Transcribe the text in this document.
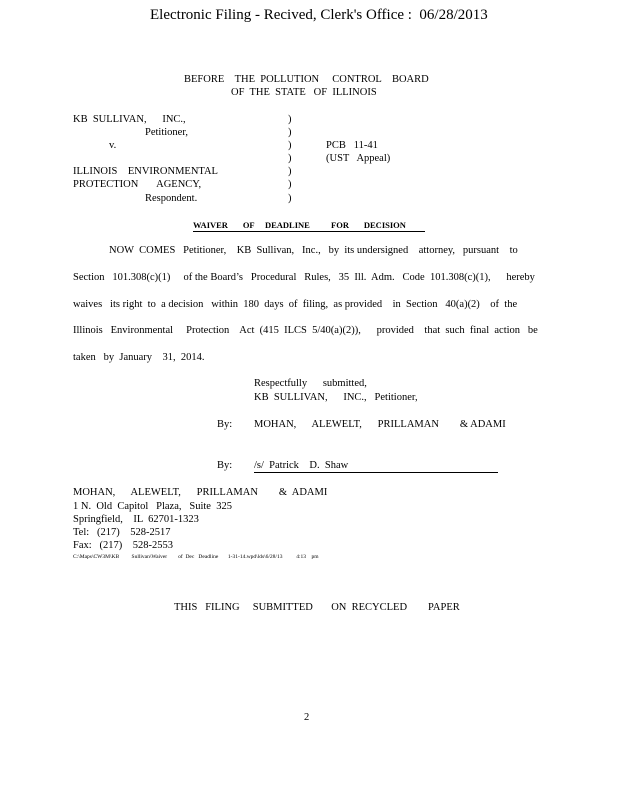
Electronic Filing - Recived, Clerk's Office :  06/28/2013
BEFORE    THE  POLLUTION     CONTROL    BOARD
OF  THE  STATE   OF  ILLINOIS
KB  SULLIVAN,      INC.,
Petitioner,
v.
ILLINOIS    ENVIRONMENTAL
PROTECTION       AGENCY,
Respondent.
)
)
)
)
)
)
)
PCB   11-41
(UST   Appeal)
WAIVER       OF     DEADLINE          FOR       DECISION
NOW  COMES   Petitioner,    KB  Sullivan,   Inc.,   by  its undersigned    attorney,   pursuant    to
Section   101.308(c)(1)     of the Board’s   Procedural   Rules,   35  Ill.  Adm.   Code  101.308(c)(1),      hereby
waives   its right  to  a decision   within  180  days  of  filing,  as provided    in  Section   40(a)(2)    of  the
Illinois   Environmental     Protection    Act  (415  ILCS  5/40(a)(2)),      provided    that  such  final  action   be
taken   by  January    31,  2014.
Respectfully      submitted,
KB  SULLIVAN,      INC.,   Petitioner,
By: MOHAN,      ALEWELT,      PRILLAMAN        & ADAMI
By: /s/  Patrick    D.  Shaw
MOHAN,      ALEWELT,      PRILLAMAN        &  ADAMI
1 N.  Old  Capitol   Plaza,   Suite  325
Springfield,    IL  62701-1323
Tel:   (217)    528-2517
Fax:   (217)    528-2553
C:\Maps\CW3M\KB         Sullivan\Waiver        of  Dec   Deadline       1-31-14.wpd\lds\6/28/13          4:13    pm
THIS   FILING     SUBMITTED       ON  RECYCLED        PAPER
2
